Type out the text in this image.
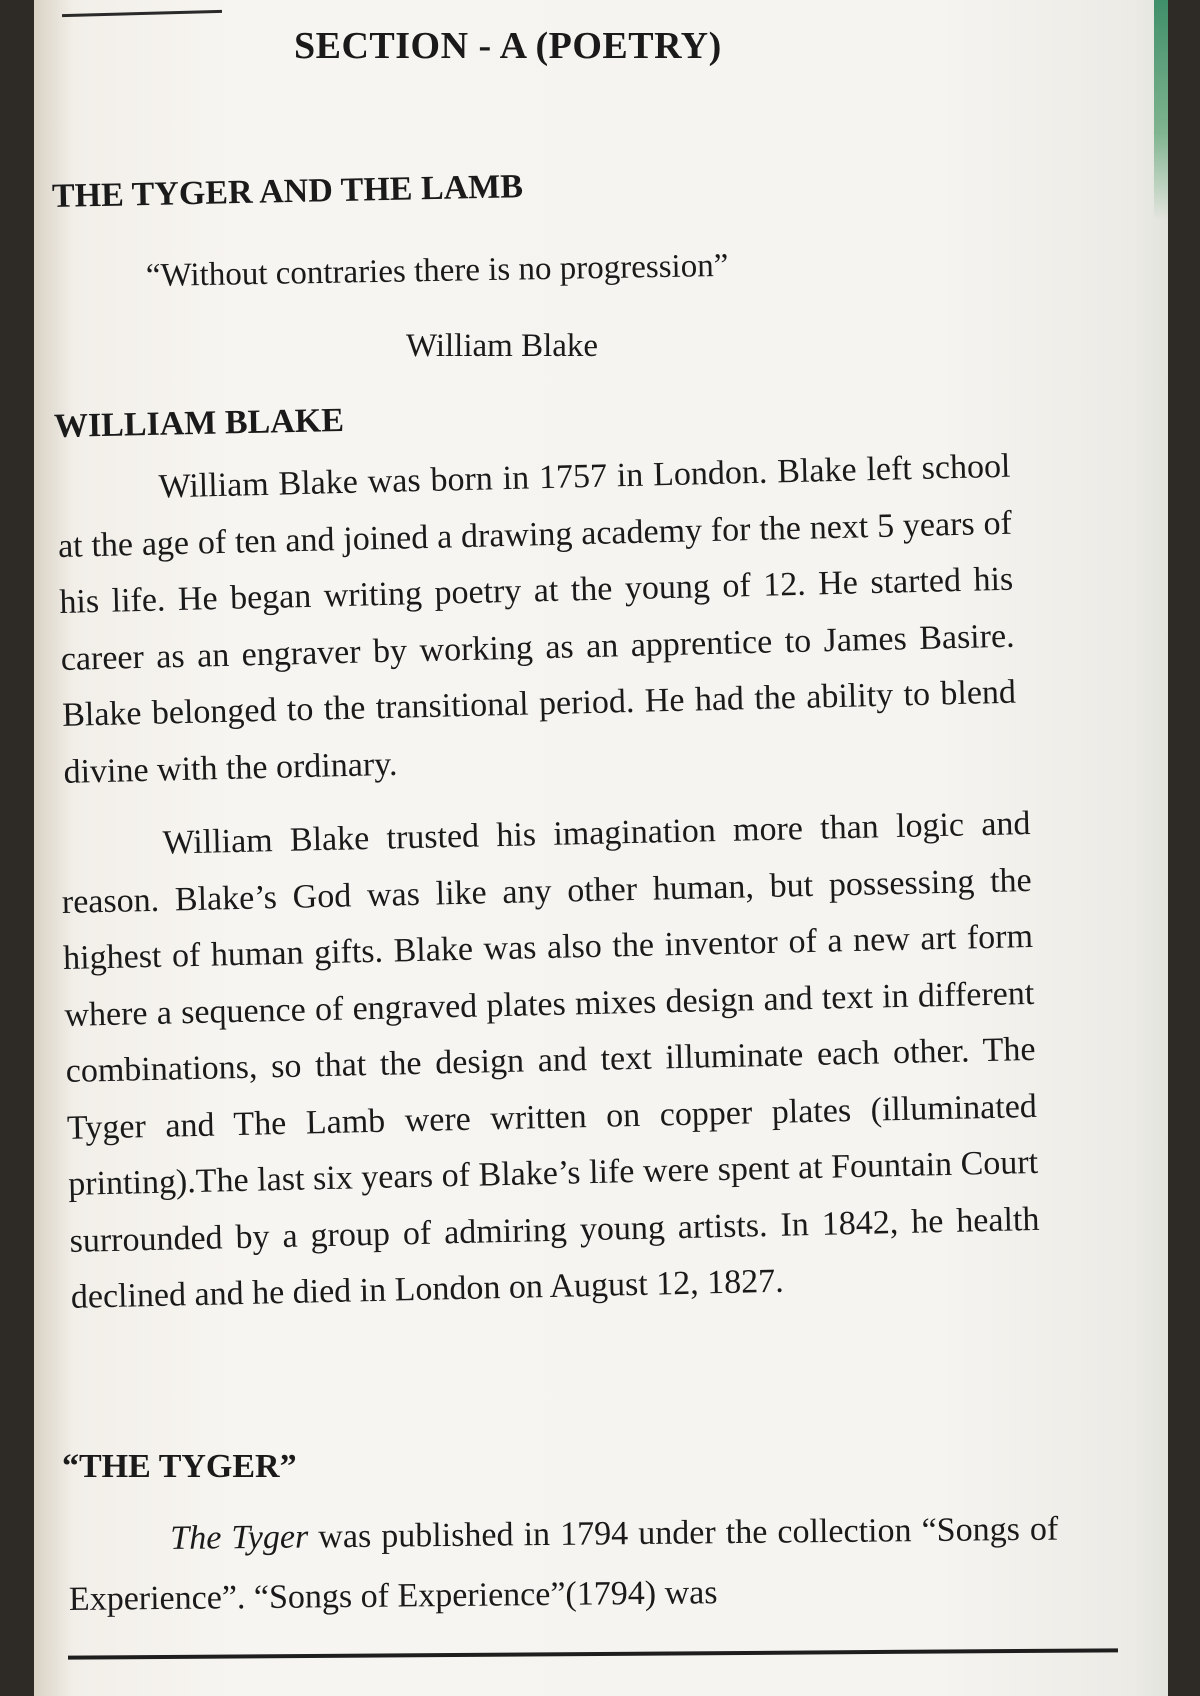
SECTION - A (POETRY)
THE TYGER AND THE LAMB

“Without contraries there is no progression”

William Blake

WILLIAM BLAKE

William Blake was born in 1757 in London. Blake left school at the age of ten and joined a drawing academy for the next 5 years of his life. He began writing poetry at the young of 12. He started his career as an engraver by working as an apprentice to James Basire. Blake belonged to the transitional period. He had the ability to blend divine with the ordinary.

William Blake trusted his imagination more than logic and reason. Blake’s God was like any other human, but possessing the highest of human gifts. Blake was also the inventor of a new art form where a sequence of engraved plates mixes design and text in different combinations, so that the design and text illuminate each other. The Tyger and The Lamb were written on copper plates (illuminated printing).The last six years of Blake’s life were spent at Fountain Court surrounded by a group of admiring young artists. In 1842, he health declined and he died in London on August 12, 1827.

“THE TYGER”

The Tyger was published in 1794 under the collection “Songs of Experience”. “Songs of Experience”(1794) was
